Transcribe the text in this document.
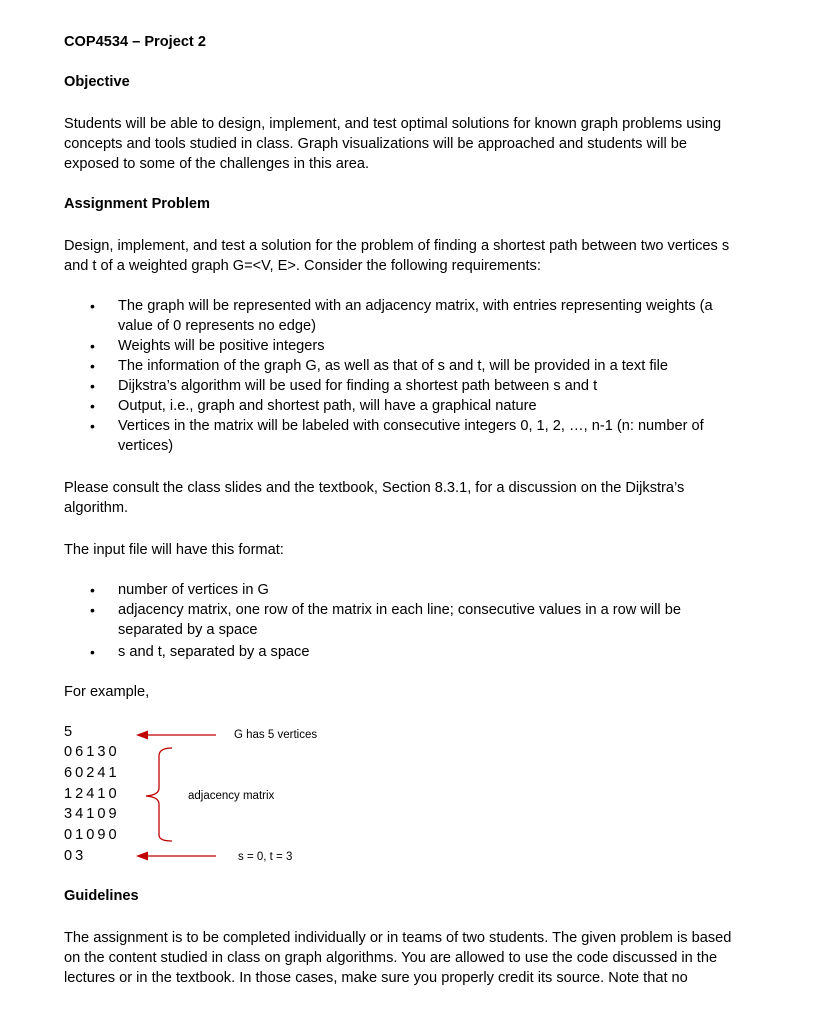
COP4534 – Project 2
Objective
Students will be able to design, implement, and test optimal solutions for known graph problems using
concepts and tools studied in class. Graph visualizations will be approached and students will be
exposed to some of the challenges in this area.
Assignment Problem
Design, implement, and test a solution for the problem of finding a shortest path between two vertices s
and t of a weighted graph G=<V, E>. Consider the following requirements:
• The graph will be represented with an adjacency matrix, with entries representing weights (a
value of 0 represents no edge)
• Weights will be positive integers
• The information of the graph G, as well as that of s and t, will be provided in a text file
• Dijkstra’s algorithm will be used for finding a shortest path between s and t
• Output, i.e., graph and shortest path, will have a graphical nature
• Vertices in the matrix will be labeled with consecutive integers 0, 1, 2, …, n-1 (n: number of
vertices)
Please consult the class slides and the textbook, Section 8.3.1, for a discussion on the Dijkstra’s
algorithm.
The input file will have this format:
• number of vertices in G
• adjacency matrix, one row of the matrix in each line; consecutive values in a row will be
separated by a space
• s and t, separated by a space
For example,
5
06130
60241
12410
34109
01090
03
G has 5 vertices
adjacency matrix
s = 0, t = 3
Guidelines
The assignment is to be completed individually or in teams of two students. The given problem is based
on the content studied in class on graph algorithms. You are allowed to use the code discussed in the
lectures or in the textbook. In those cases, make sure you properly credit its source. Note that no
